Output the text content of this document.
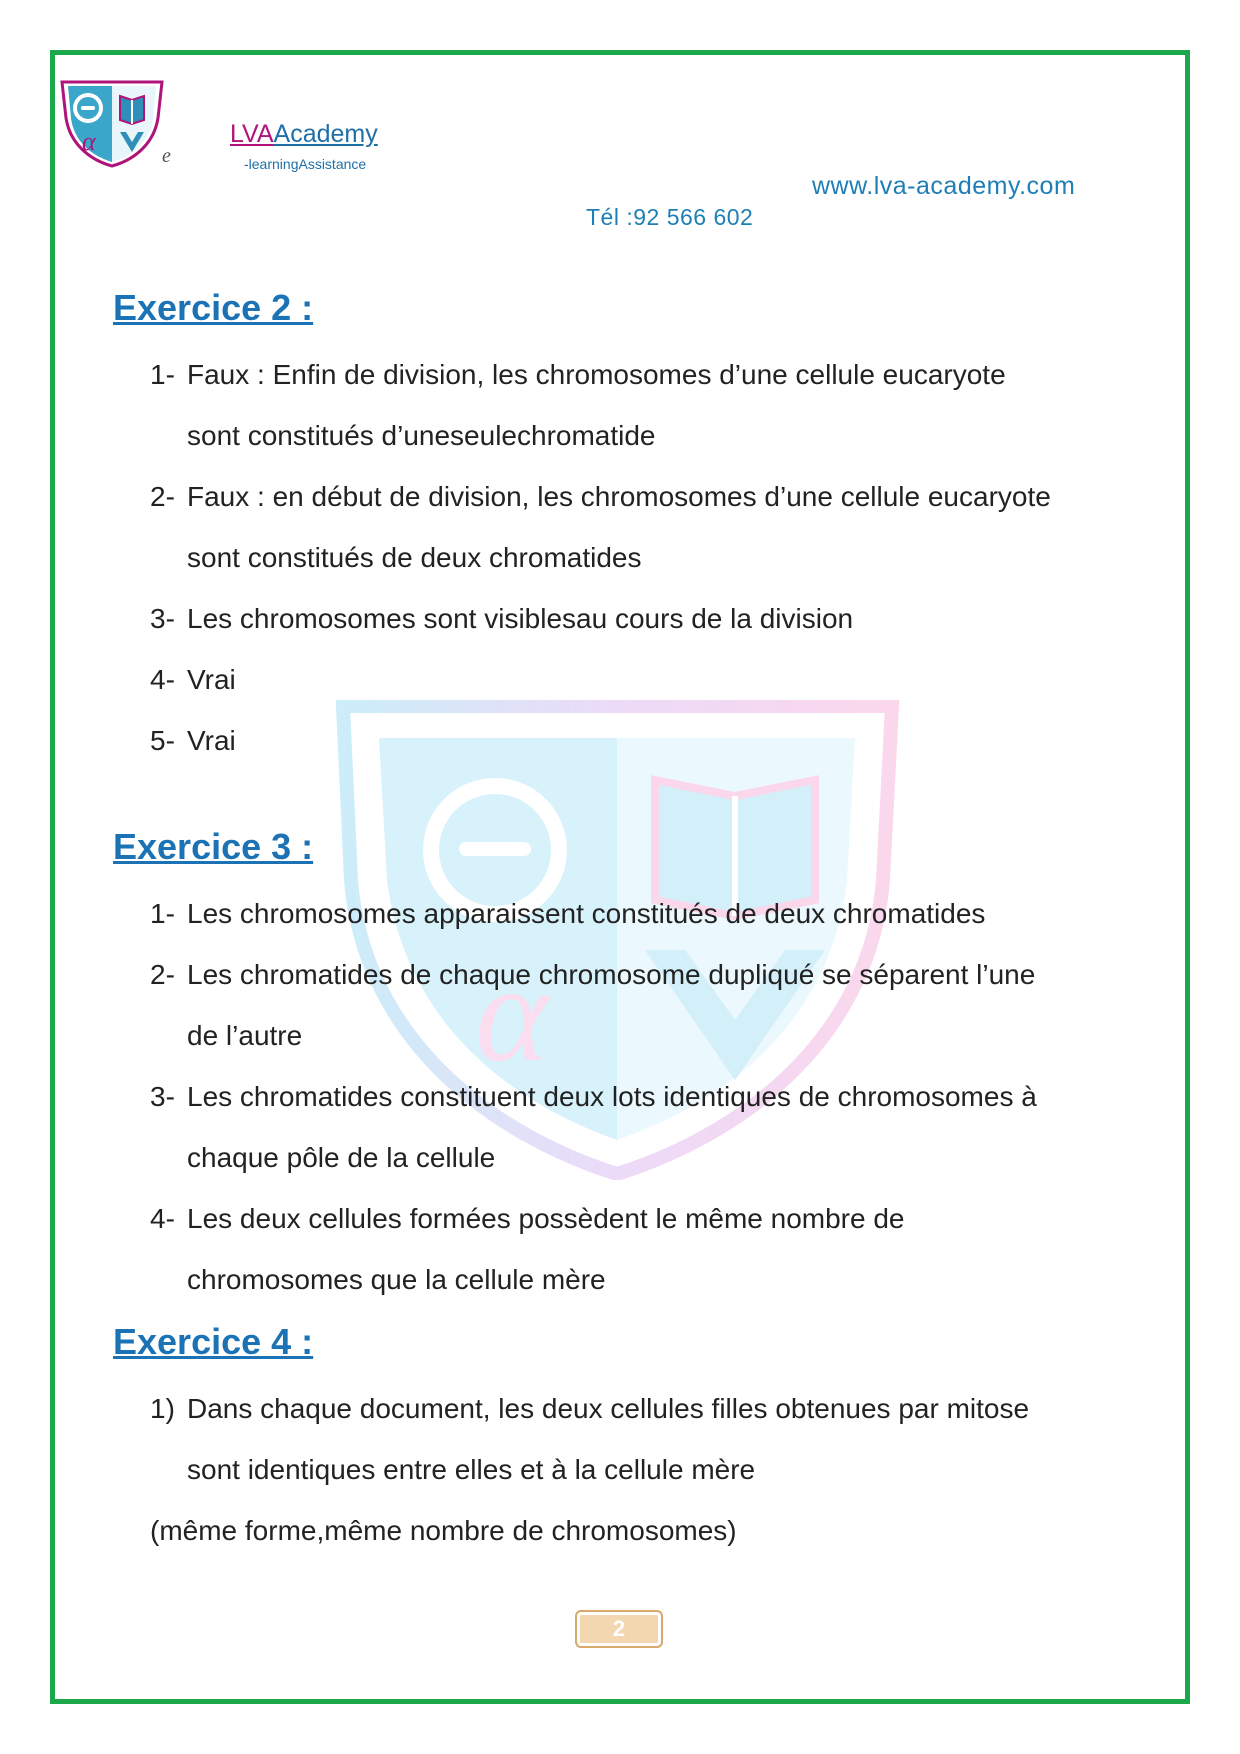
α	e
LVAAcademy
-learningAssistance
www.lva-academy.com
Tél :92 566 602
α
Exercice 2 :
1- Faux : Enfin de division, les chromosomes d’une cellule eucaryote
sont constitués d’uneseulechromatide
2- Faux : en début de division, les chromosomes d’une cellule eucaryote
sont constitués de deux chromatides
3- Les chromosomes sont visiblesau cours de la division
4- Vrai
5- Vrai
Exercice 3 :
1- Les chromosomes apparaissent constitués de deux chromatides
2- Les chromatides de chaque chromosome dupliqué se séparent l’une
de l’autre
3- Les chromatides constituent deux lots identiques de chromosomes à
chaque pôle de la cellule
4- Les deux cellules formées possèdent le même nombre de
chromosomes que la cellule mère
Exercice 4 :
1) Dans chaque document, les deux cellules filles obtenues par mitose
sont identiques entre elles et à la cellule mère
(même forme,même nombre de chromosomes)
2
